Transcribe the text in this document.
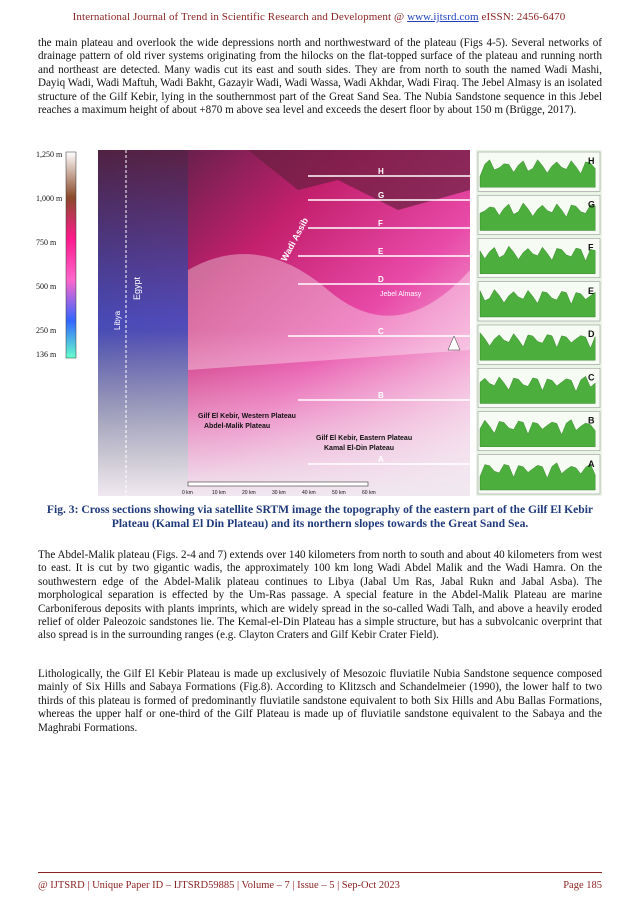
International Journal of Trend in Scientific Research and Development @ www.ijtsrd.com eISSN: 2456-6470

the main plateau and overlook the wide depressions north and northwestward of the plateau (Figs 4-5). Several networks of drainage pattern of old river systems originating from the hilocks on the flat-topped surface of the plateau and running north and northeast are detected. Many wadis cut its east and south sides. They are from north to south the named Wadi Mashi, Dayiq Wadi, Wadi Maftuh, Wadi Bakht, Gazayir Wadi, Wadi Wassa, Wadi Akhdar, Wadi Firaq. The Jebel Almasy is an isolated structure of the Gilf Kebir, lying in the southernmost part of the Great Sand Sea. The Nubia Sandstone sequence in this Jebel reaches a maximum height of about +870 m above sea level and exceeds the desert floor by about 150 m (Brügge, 2017).

1,250 m
1,000 m
750 m
500 m
250 m
136 m
H
G
F
E
D
C
B
A
Wadi Assib
Egypt
Libya
Jebel Almasy
Gilf El Kebir, Western Plateau
Abdel-Malik Plateau
Gilf El Kebir, Eastern Plateau
Kamal El-Din Plateau
0 km	10 km	20 km	30 km	40 km	50 km	60 km
H
G
F
E
D
C
B
A
Fig. 3: Cross sections showing via satellite SRTM image the topography of the eastern part of the Gilf El Kebir Plateau (Kamal El Din Plateau) and its northern slopes towards the Great Sand Sea.

The Abdel-Malik plateau (Figs. 2-4 and 7) extends over 140 kilometers from north to south and about 40 kilometers from west to east. It is cut by two gigantic wadis, the approximately 100 km long Wadi Abdel Malik and the Wadi Hamra. On the southwestern edge of the Abdel-Malik plateau continues to Libya (Jabal Um Ras, Jabal Rukn and Jabal Asba). The morphological separation is effected by the Um-Ras passage. A special feature in the Abdel-Malik Plateau are marine Carboniferous deposits with plants imprints, which are widely spread in the so-called Wadi Talh, and above a heavily eroded relief of older Paleozoic sandstones lie. The Kemal-el-Din Plateau has a simple structure, but has a subvolcanic overprint that also spread is in the surrounding ranges (e.g. Clayton Craters and Gilf Kebir Crater Field).

Lithologically, the Gilf El Kebir Plateau is made up exclusively of Mesozoic fluviatile Nubia Sandstone sequence composed mainly of Six Hills and Sabaya Formations (Fig.8). According to Klitzsch and Schandelmeier (1990), the lower half to two thirds of this plateau is formed of predominantly fluviatile sandstone equivalent to both Six Hills and Abu Ballas Formations, whereas the upper half or one-third of the Gilf Plateau is made up of fluviatile sandstone equivalent to the Sabaya and the Maghrabi Formations.

@ IJTSRD | Unique Paper ID – IJTSRD59885 | Volume – 7 | Issue – 5 | Sep-Oct 2023	Page 185
